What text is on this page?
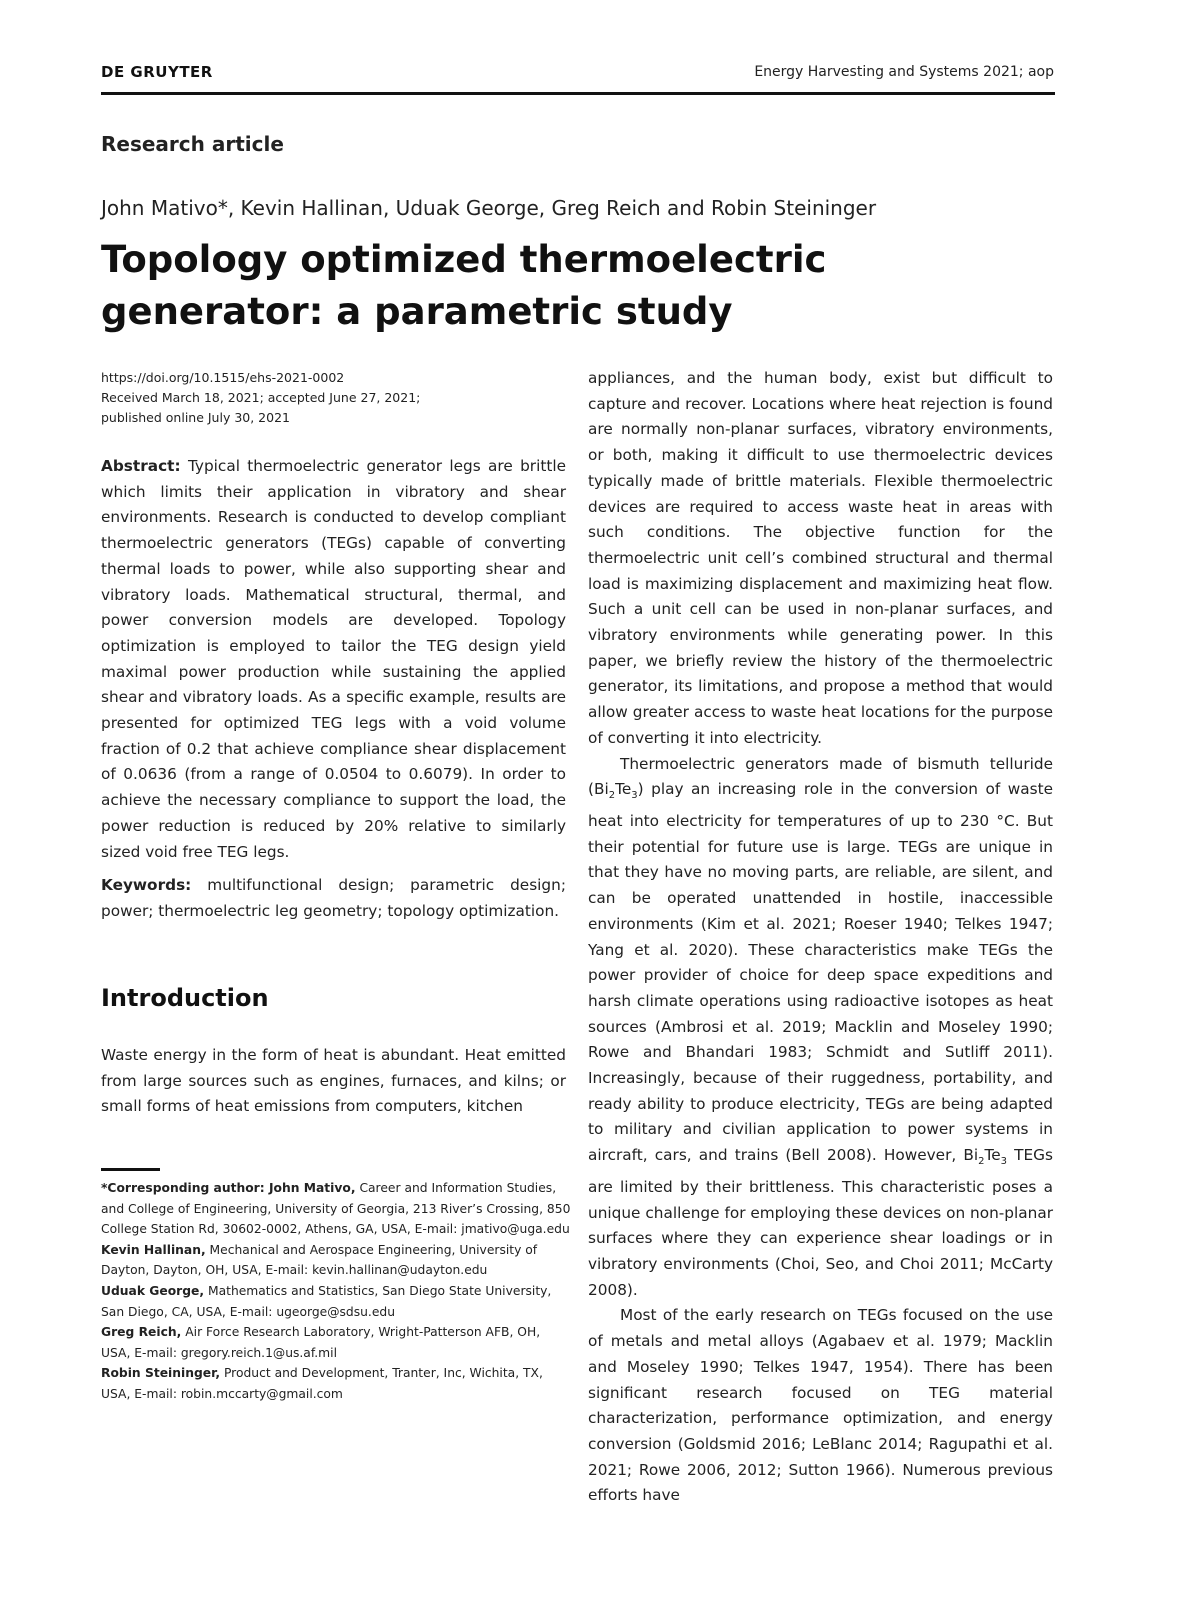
DE GRUYTER	Energy Harvesting and Systems 2021; aop
Research article
John Mativo*, Kevin Hallinan, Uduak George, Greg Reich and Robin Steininger
Topology optimized thermoelectric generator: a parametric study
https://doi.org/10.1515/ehs-2021-0002
Received March 18, 2021; accepted June 27, 2021;
published online July 30, 2021

Abstract: Typical thermoelectric generator legs are brittle which limits their application in vibratory and shear environments. Research is conducted to develop compliant thermoelectric generators (TEGs) capable of converting thermal loads to power, while also supporting shear and vibratory loads. Mathematical structural, thermal, and power conversion models are developed. Topology optimization is employed to tailor the TEG design yield maximal power production while sustaining the applied shear and vibratory loads. As a specific example, results are presented for optimized TEG legs with a void volume fraction of 0.2 that achieve compliance shear displacement of 0.0636 (from a range of 0.0504 to 0.6079). In order to achieve the necessary compliance to support the load, the power reduction is reduced by 20% relative to similarly sized void free TEG legs.

Keywords: multifunctional design; parametric design; power; thermoelectric leg geometry; topology optimization.

Introduction

Waste energy in the form of heat is abundant. Heat emitted from large sources such as engines, furnaces, and kilns; or small forms of heat emissions from computers, kitchen

*Corresponding author: John Mativo, Career and Information Studies, and College of Engineering, University of Georgia, 213 River’s Crossing, 850 College Station Rd, 30602-0002, Athens, GA, USA, E-mail: jmativo@uga.edu

Kevin Hallinan, Mechanical and Aerospace Engineering, University of Dayton, Dayton, OH, USA, E-mail: kevin.hallinan@udayton.edu

Uduak George, Mathematics and Statistics, San Diego State University, San Diego, CA, USA, E-mail: ugeorge@sdsu.edu

Greg Reich, Air Force Research Laboratory, Wright-Patterson AFB, OH, USA, E-mail: gregory.reich.1@us.af.mil

Robin Steininger, Product and Development, Tranter, Inc, Wichita, TX, USA, E-mail: robin.mccarty@gmail.com

appliances, and the human body, exist but difficult to capture and recover. Locations where heat rejection is found are normally non-planar surfaces, vibratory environments, or both, making it difficult to use thermoelectric devices typically made of brittle materials. Flexible thermoelectric devices are required to access waste heat in areas with such conditions. The objective function for the thermoelectric unit cell’s combined structural and thermal load is maximizing displacement and maximizing heat flow. Such a unit cell can be used in non-planar surfaces, and vibratory environments while generating power. In this paper, we briefly review the history of the thermoelectric generator, its limitations, and propose a method that would allow greater access to waste heat locations for the purpose of converting it into electricity.

Thermoelectric generators made of bismuth telluride $(Bi_2Te_3)$ play an increasing role in the conversion of waste heat into electricity for temperatures of up to 230 °C. But their potential for future use is large. TEGs are unique in that they have no moving parts, are reliable, are silent, and can be operated unattended in hostile, inaccessible environments (Kim et al. 2021; Roeser 1940; Telkes 1947; Yang et al. 2020). These characteristics make TEGs the power provider of choice for deep space expeditions and harsh climate operations using radioactive isotopes as heat sources (Ambrosi et al. 2019; Macklin and Moseley 1990; Rowe and Bhandari 1983; Schmidt and Sutliff 2011). Increasingly, because of their ruggedness, portability, and ready ability to produce electricity, TEGs are being adapted to military and civilian application to power systems in aircraft, cars, and trains (Bell 2008). However, $Bi_2Te_3$ TEGs are limited by their brittleness. This characteristic poses a unique challenge for employing these devices on non-planar surfaces where they can experience shear loadings or in vibratory environments (Choi, Seo, and Choi 2011; McCarty 2008).

Most of the early research on TEGs focused on the use of metals and metal alloys (Agabaev et al. 1979; Macklin and Moseley 1990; Telkes 1947, 1954). There has been significant research focused on TEG material characterization, performance optimization, and energy conversion (Goldsmid 2016; LeBlanc 2014; Ragupathi et al. 2021; Rowe 2006, 2012; Sutton 1966). Numerous previous efforts have
